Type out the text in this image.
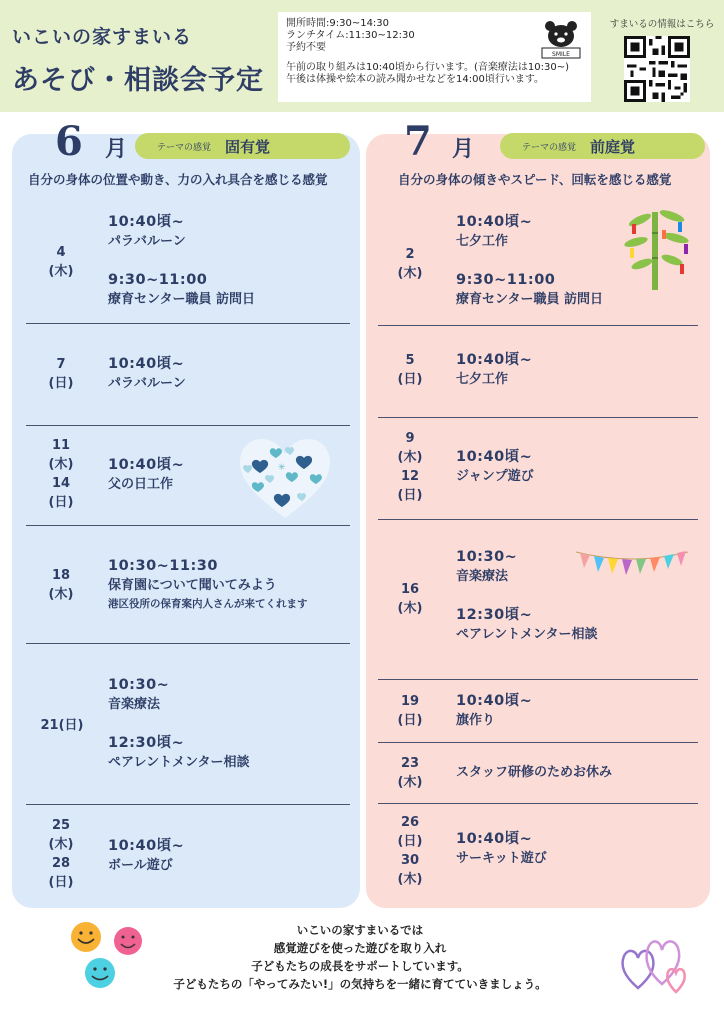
いこいの家すまいる
あそび・相談会予定
開所時間:9:30~14:30
ランチタイム:11:30~12:30
予約不要
午前の取り組みは10:40頃から行います。(音楽療法は10:30~)
午後は体操や絵本の読み聞かせなどを14:00頃行います。
SMILE
すまいるの情報はこちら
6 月	テーマの感覚 固有覚
自分の身体の位置や動き、力の入れ具合を感じる感覚
4
(木)
10:40頃~
パラバルーン
9:30~11:00
療育センター職員 訪問日
7
(日)
10:40頃~
パラバルーン
11
(木)
14
(日)
10:40頃~
父の日工作
18
(木)
10:30~11:30
保育園について聞いてみよう
港区役所の保育案内人さんが来てくれます
21(日)
10:30~
音楽療法
12:30頃~
ペアレントメンター相談
25
(木)
28
(日)
10:40頃~
ボール遊び
✳
7 月	テーマの感覚 前庭覚
自分の身体の傾きやスピード、回転を感じる感覚
2
(木)
10:40頃~
七夕工作
9:30~11:00
療育センター職員 訪問日
5
(日)
10:40頃~
七夕工作
9
(木)
12
(日)
10:40頃~
ジャンプ遊び
16
(木)
10:30~
音楽療法
12:30頃~
ペアレントメンター相談
19
(日)
10:40頃~
旗作り
23
(木)
スタッフ研修のためお休み
26
(日)
30
(木)
10:40頃~
サーキット遊び
いこいの家すまいるでは
感覚遊びを使った遊びを取り入れ
子どもたちの成長をサポートしています。
子どもたちの「やってみたい!」の気持ちを一緒に育てていきましょう。
